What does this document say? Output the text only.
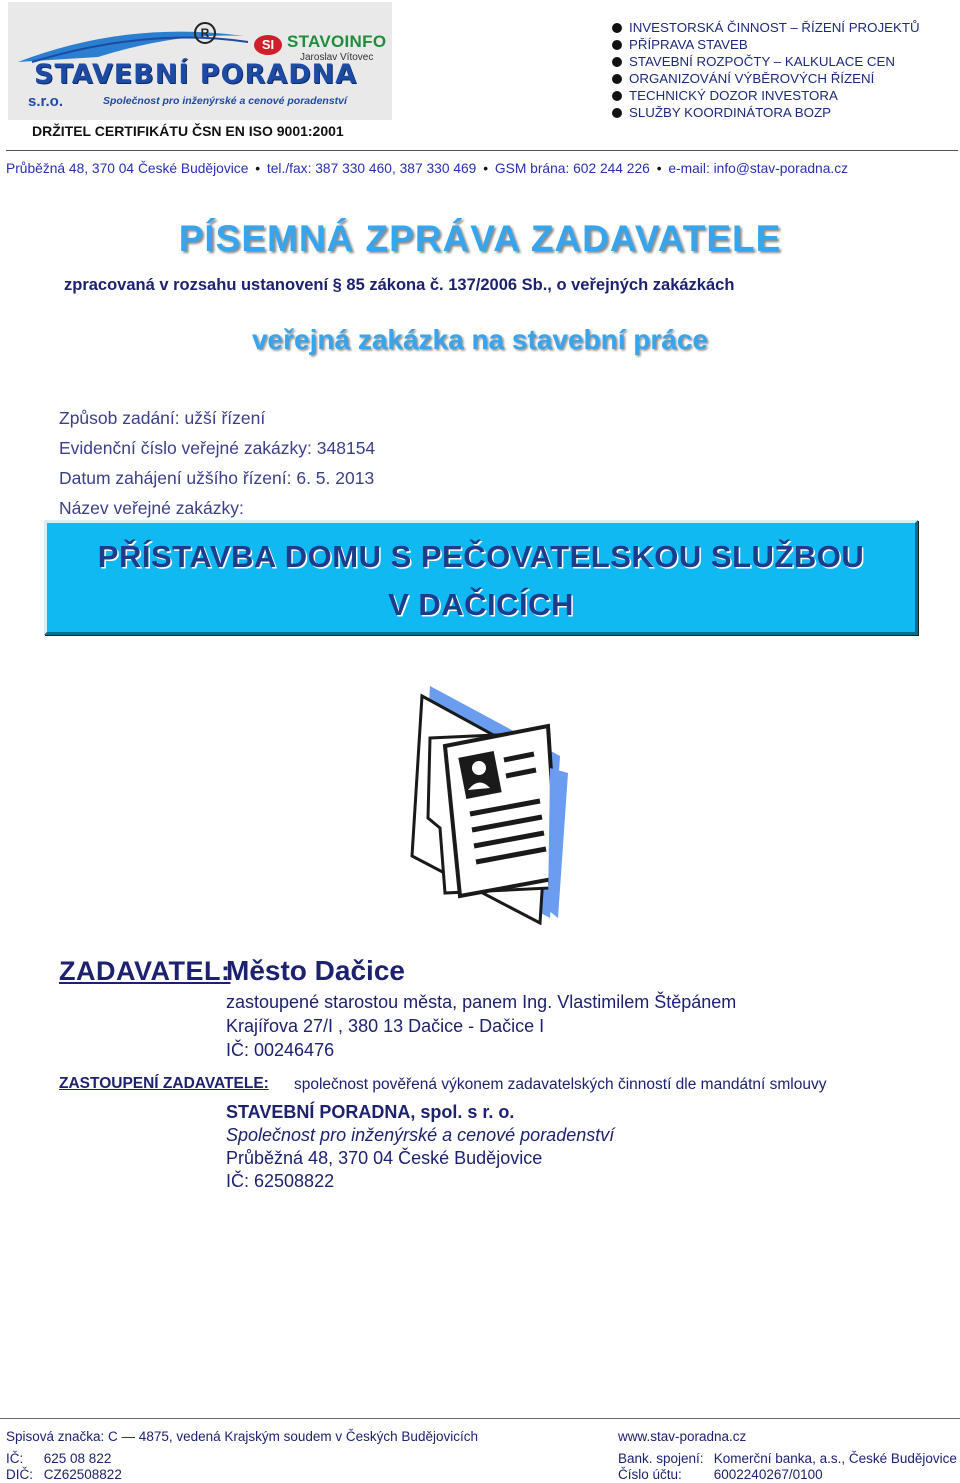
R
SI STAVOINFO
Jaroslav Vítovec
STAVEBNÍ PORADNA
s.r.o.	Společnost pro inženýrské a cenové poradenství
DRŽITEL CERTIFIKÁTU ČSN EN ISO 9001:2001
INVESTORSKÁ ČINNOST – ŘÍZENÍ PROJEKTŮ
PŘÍPRAVA STAVEB
STAVEBNÍ ROZPOČTY – KALKULACE CEN
ORGANIZOVÁNÍ VÝBĚROVÝCH ŘÍZENÍ
TECHNICKÝ DOZOR INVESTORA
SLUŽBY KOORDINÁTORA BOZP
Průběžná 48, 370 04 České Budějovice • tel./fax: 387 330 460, 387 330 469 • GSM brána: 602 244 226 • e-mail: info@stav-poradna.cz
PÍSEMNÁ ZPRÁVA ZADAVATELE
zpracovaná v rozsahu ustanovení § 85 zákona č. 137/2006 Sb., o veřejných zakázkách
veřejná zakázka na stavební práce
Způsob zadání: užší řízení
Evidenční číslo veřejné zakázky: 348154
Datum zahájení užšího řízení: 6. 5. 2013
Název veřejné zakázky:
PŘÍSTAVBA DOMU S PEČOVATELSKOU SLUŽBOU
V DAČICÍCH
ZADAVATEL:
Město Dačice
zastoupené starostou města, panem Ing. Vlastimilem Štěpánem
Krajířova 27/I , 380 13 Dačice - Dačice I
IČ: 00246476
ZASTOUPENÍ ZADAVATELE: společnost pověřená výkonem zadavatelských činností dle mandátní smlouvy
STAVEBNÍ PORADNA, spol. s r. o.
Společnost pro inženýrské a cenové poradenství
Průběžná 48, 370 04 České Budějovice
IČ: 62508822
Spisová značka: C — 4875, vedená Krajským soudem v Českých Budějovicích	www.stav-poradna.cz
IČ: 625 08 822
DIČ: CZ62508822
Bank. spojení: Komerční banka, a.s., České Budějovice
Číslo účtu: 6002240267/0100
